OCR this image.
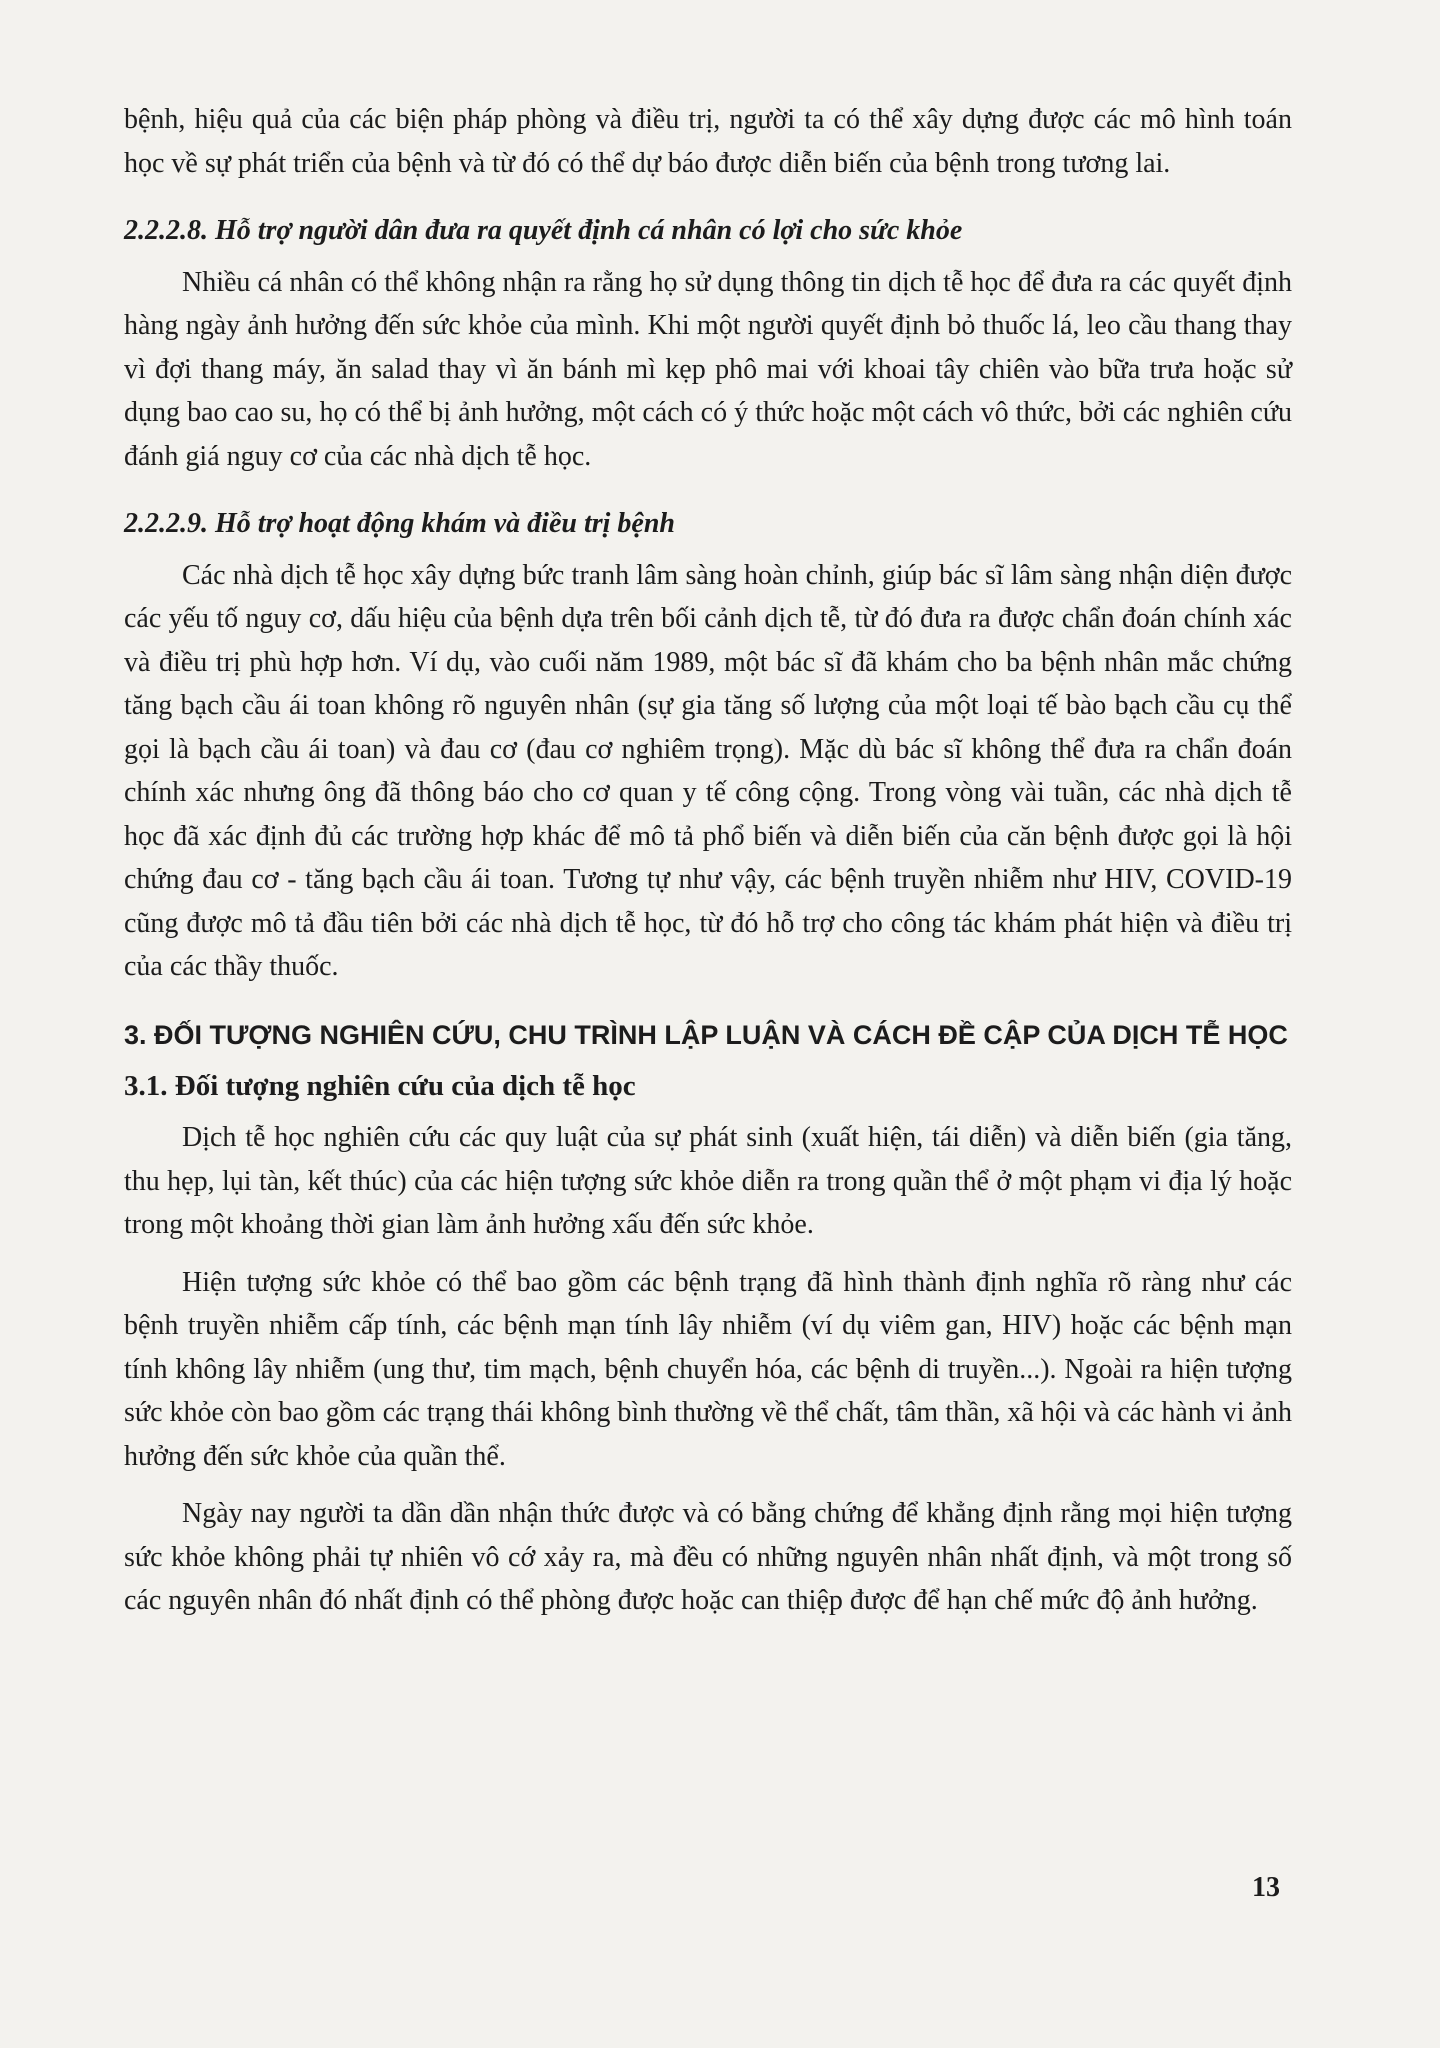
bệnh, hiệu quả của các biện pháp phòng và điều trị, người ta có thể xây dựng được các mô hình toán học về sự phát triển của bệnh và từ đó có thể dự báo được diễn biến của bệnh trong tương lai.

2.2.2.8. Hỗ trợ người dân đưa ra quyết định cá nhân có lợi cho sức khỏe

Nhiều cá nhân có thể không nhận ra rằng họ sử dụng thông tin dịch tễ học để đưa ra các quyết định hàng ngày ảnh hưởng đến sức khỏe của mình. Khi một người quyết định bỏ thuốc lá, leo cầu thang thay vì đợi thang máy, ăn salad thay vì ăn bánh mì kẹp phô mai với khoai tây chiên vào bữa trưa hoặc sử dụng bao cao su, họ có thể bị ảnh hưởng, một cách có ý thức hoặc một cách vô thức, bởi các nghiên cứu đánh giá nguy cơ của các nhà dịch tễ học.

2.2.2.9. Hỗ trợ hoạt động khám và điều trị bệnh

Các nhà dịch tễ học xây dựng bức tranh lâm sàng hoàn chỉnh, giúp bác sĩ lâm sàng nhận diện được các yếu tố nguy cơ, dấu hiệu của bệnh dựa trên bối cảnh dịch tễ, từ đó đưa ra được chẩn đoán chính xác và điều trị phù hợp hơn. Ví dụ, vào cuối năm 1989, một bác sĩ đã khám cho ba bệnh nhân mắc chứng tăng bạch cầu ái toan không rõ nguyên nhân (sự gia tăng số lượng của một loại tế bào bạch cầu cụ thể gọi là bạch cầu ái toan) và đau cơ (đau cơ nghiêm trọng). Mặc dù bác sĩ không thể đưa ra chẩn đoán chính xác nhưng ông đã thông báo cho cơ quan y tế công cộng. Trong vòng vài tuần, các nhà dịch tễ học đã xác định đủ các trường hợp khác để mô tả phổ biến và diễn biến của căn bệnh được gọi là hội chứng đau cơ - tăng bạch cầu ái toan. Tương tự như vậy, các bệnh truyền nhiễm như HIV, COVID-19 cũng được mô tả đầu tiên bởi các nhà dịch tễ học, từ đó hỗ trợ cho công tác khám phát hiện và điều trị của các thầy thuốc.

3. ĐỐI TƯỢNG NGHIÊN CỨU, CHU TRÌNH LẬP LUẬN VÀ CÁCH ĐỀ CẬP CỦA DỊCH TỄ HỌC
3.1. Đối tượng nghiên cứu của dịch tễ học

Dịch tễ học nghiên cứu các quy luật của sự phát sinh (xuất hiện, tái diễn) và diễn biến (gia tăng, thu hẹp, lụi tàn, kết thúc) của các hiện tượng sức khỏe diễn ra trong quần thể ở một phạm vi địa lý hoặc trong một khoảng thời gian làm ảnh hưởng xấu đến sức khỏe.

Hiện tượng sức khỏe có thể bao gồm các bệnh trạng đã hình thành định nghĩa rõ ràng như các bệnh truyền nhiễm cấp tính, các bệnh mạn tính lây nhiễm (ví dụ viêm gan, HIV) hoặc các bệnh mạn tính không lây nhiễm (ung thư, tim mạch, bệnh chuyển hóa, các bệnh di truyền...). Ngoài ra hiện tượng sức khỏe còn bao gồm các trạng thái không bình thường về thể chất, tâm thần, xã hội và các hành vi ảnh hưởng đến sức khỏe của quần thể.

Ngày nay người ta dần dần nhận thức được và có bằng chứng để khẳng định rằng mọi hiện tượng sức khỏe không phải tự nhiên vô cớ xảy ra, mà đều có những nguyên nhân nhất định, và một trong số các nguyên nhân đó nhất định có thể phòng được hoặc can thiệp được để hạn chế mức độ ảnh hưởng.

13
